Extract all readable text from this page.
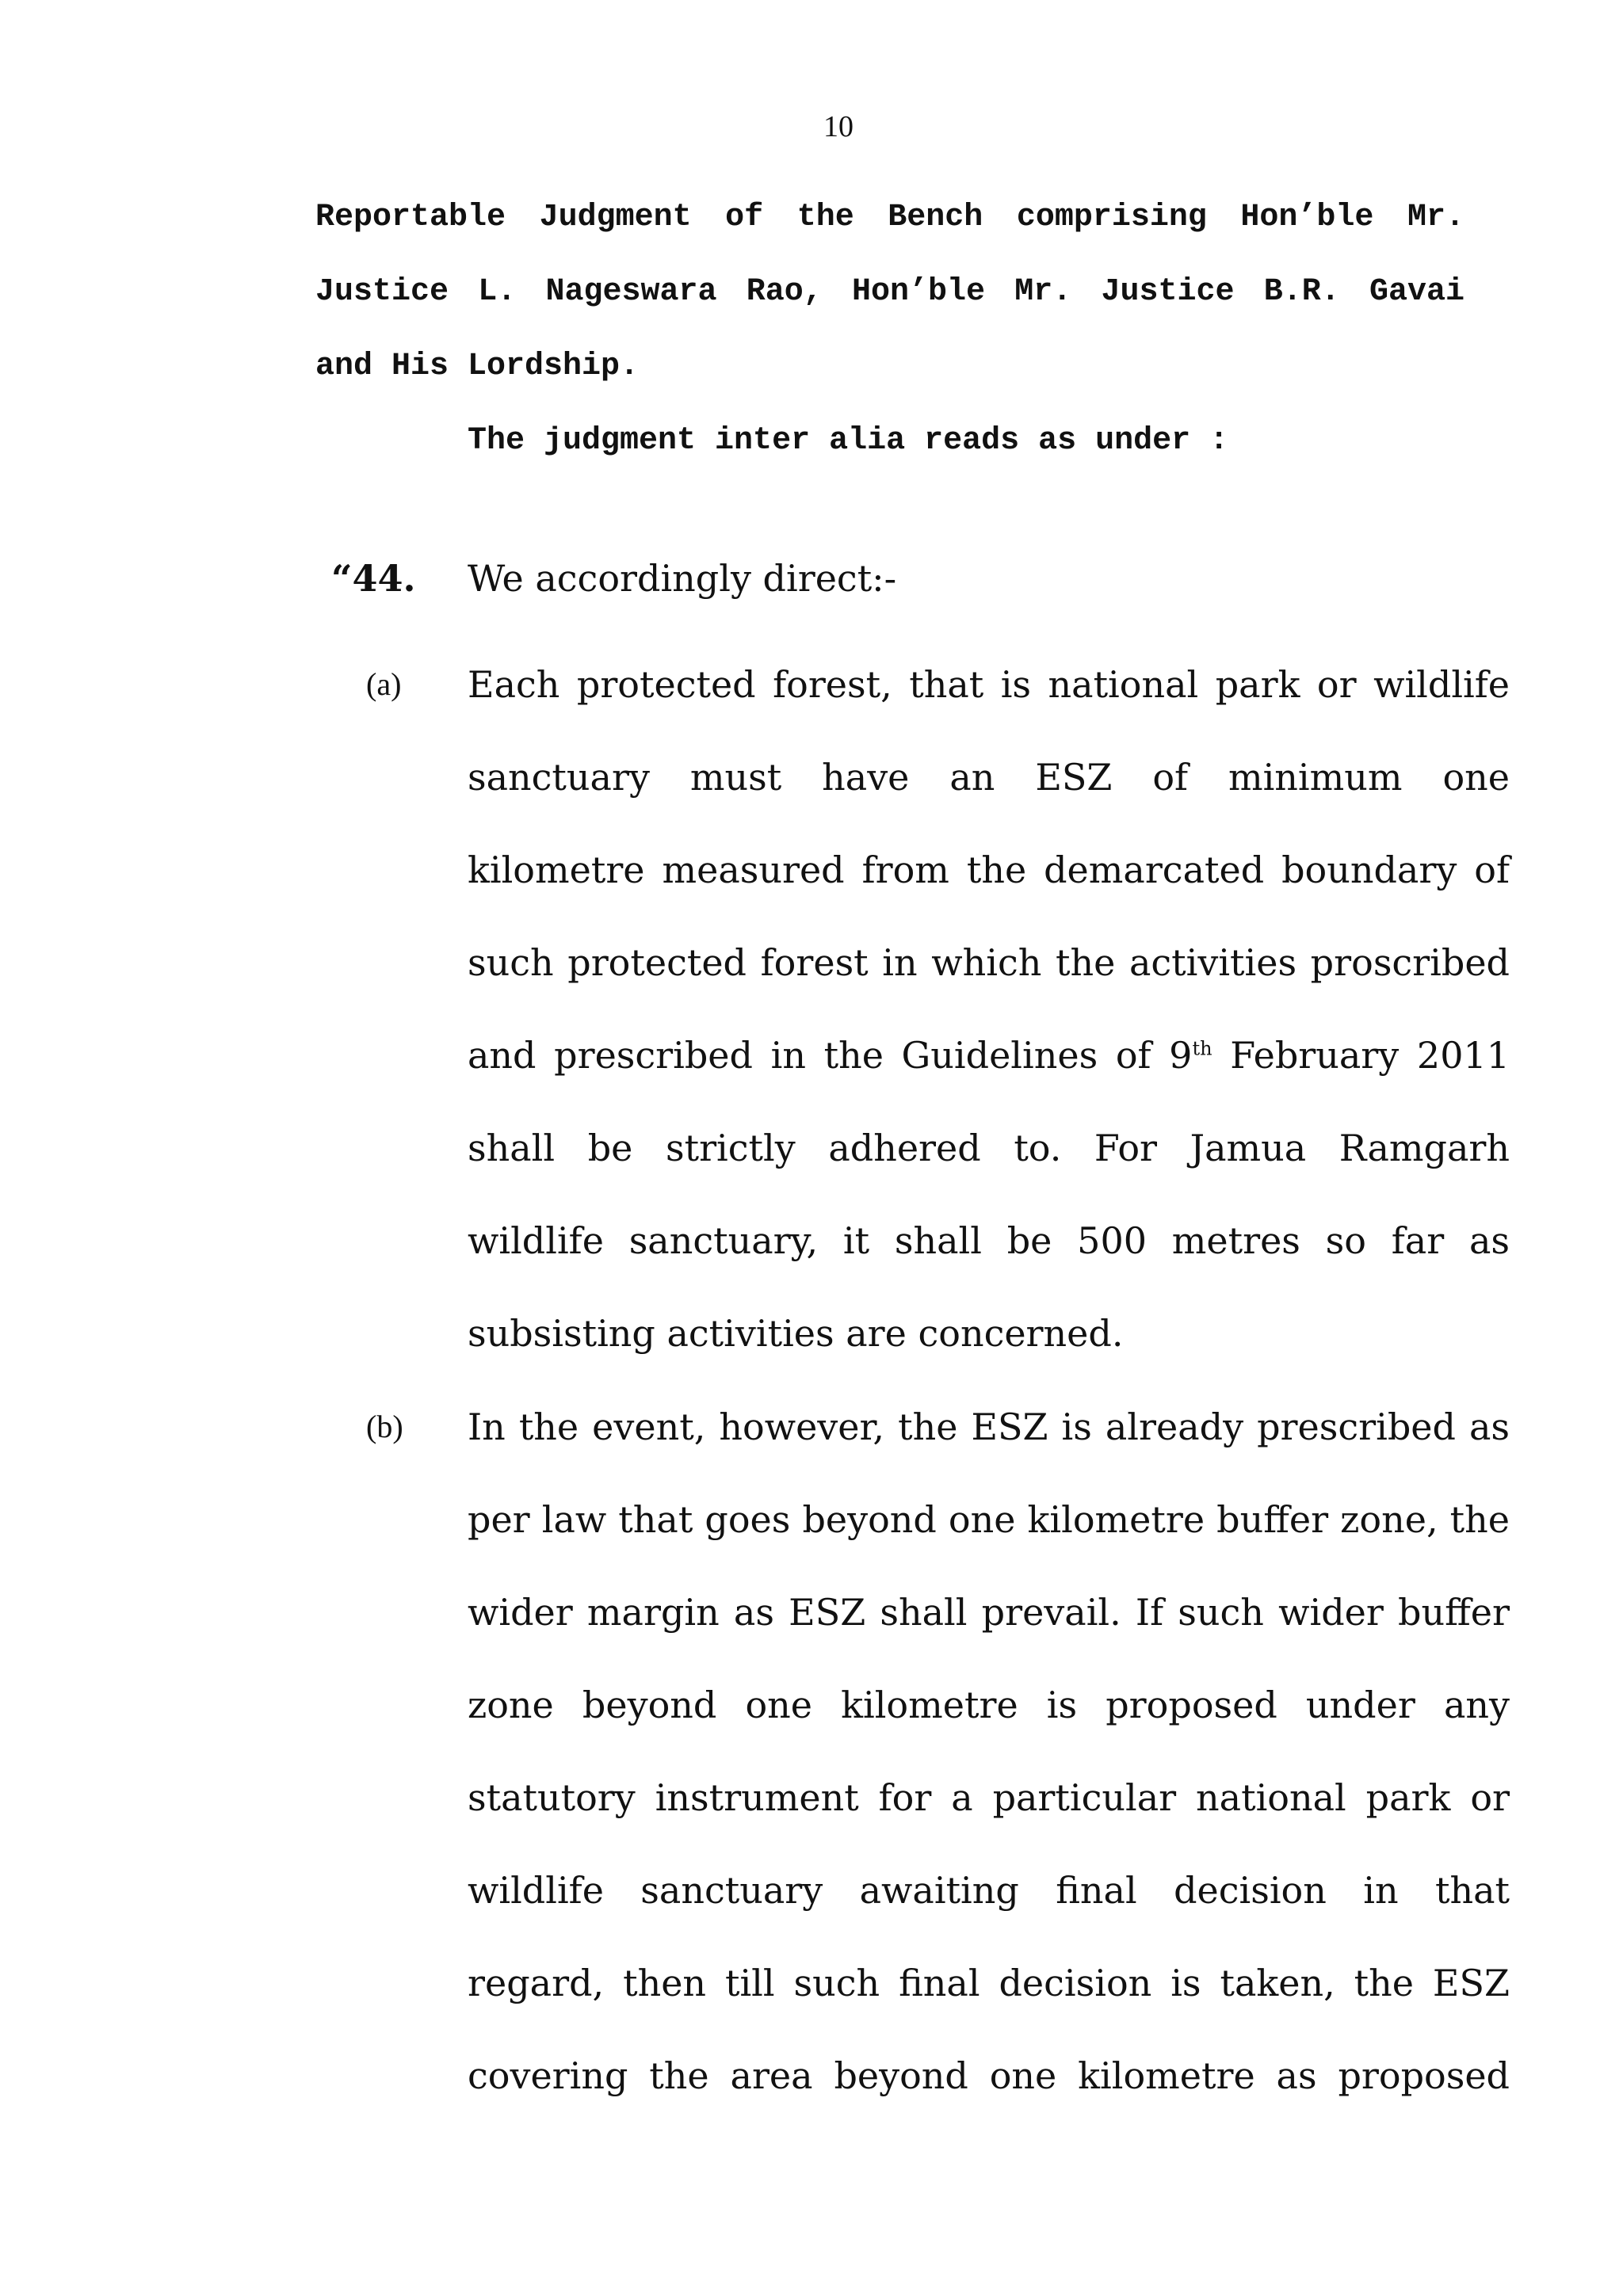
10
Reportable Judgment of the Bench comprising Hon’ble Mr.
Justice L. Nageswara Rao, Hon’ble Mr. Justice B.R. Gavai
and His Lordship.
The judgment inter alia reads as under :
“44. We accordingly direct:-
(a) Each protected forest, that is national park or wildlife
sanctuary must have an ESZ of minimum one
kilometre measured from the demarcated boundary of
such protected forest in which the activities proscribed
and prescribed in the Guidelines of 9th February 2011
shall be strictly adhered to. For Jamua Ramgarh
wildlife sanctuary, it shall be 500 metres so far as
subsisting activities are concerned.
(b) In the event, however, the ESZ is already prescribed as
per law that goes beyond one kilometre buffer zone, the
wider margin as ESZ shall prevail. If such wider buffer
zone beyond one kilometre is proposed under any
statutory instrument for a particular national park or
wildlife sanctuary awaiting final decision in that
regard, then till such final decision is taken, the ESZ
covering the area beyond one kilometre as proposed
